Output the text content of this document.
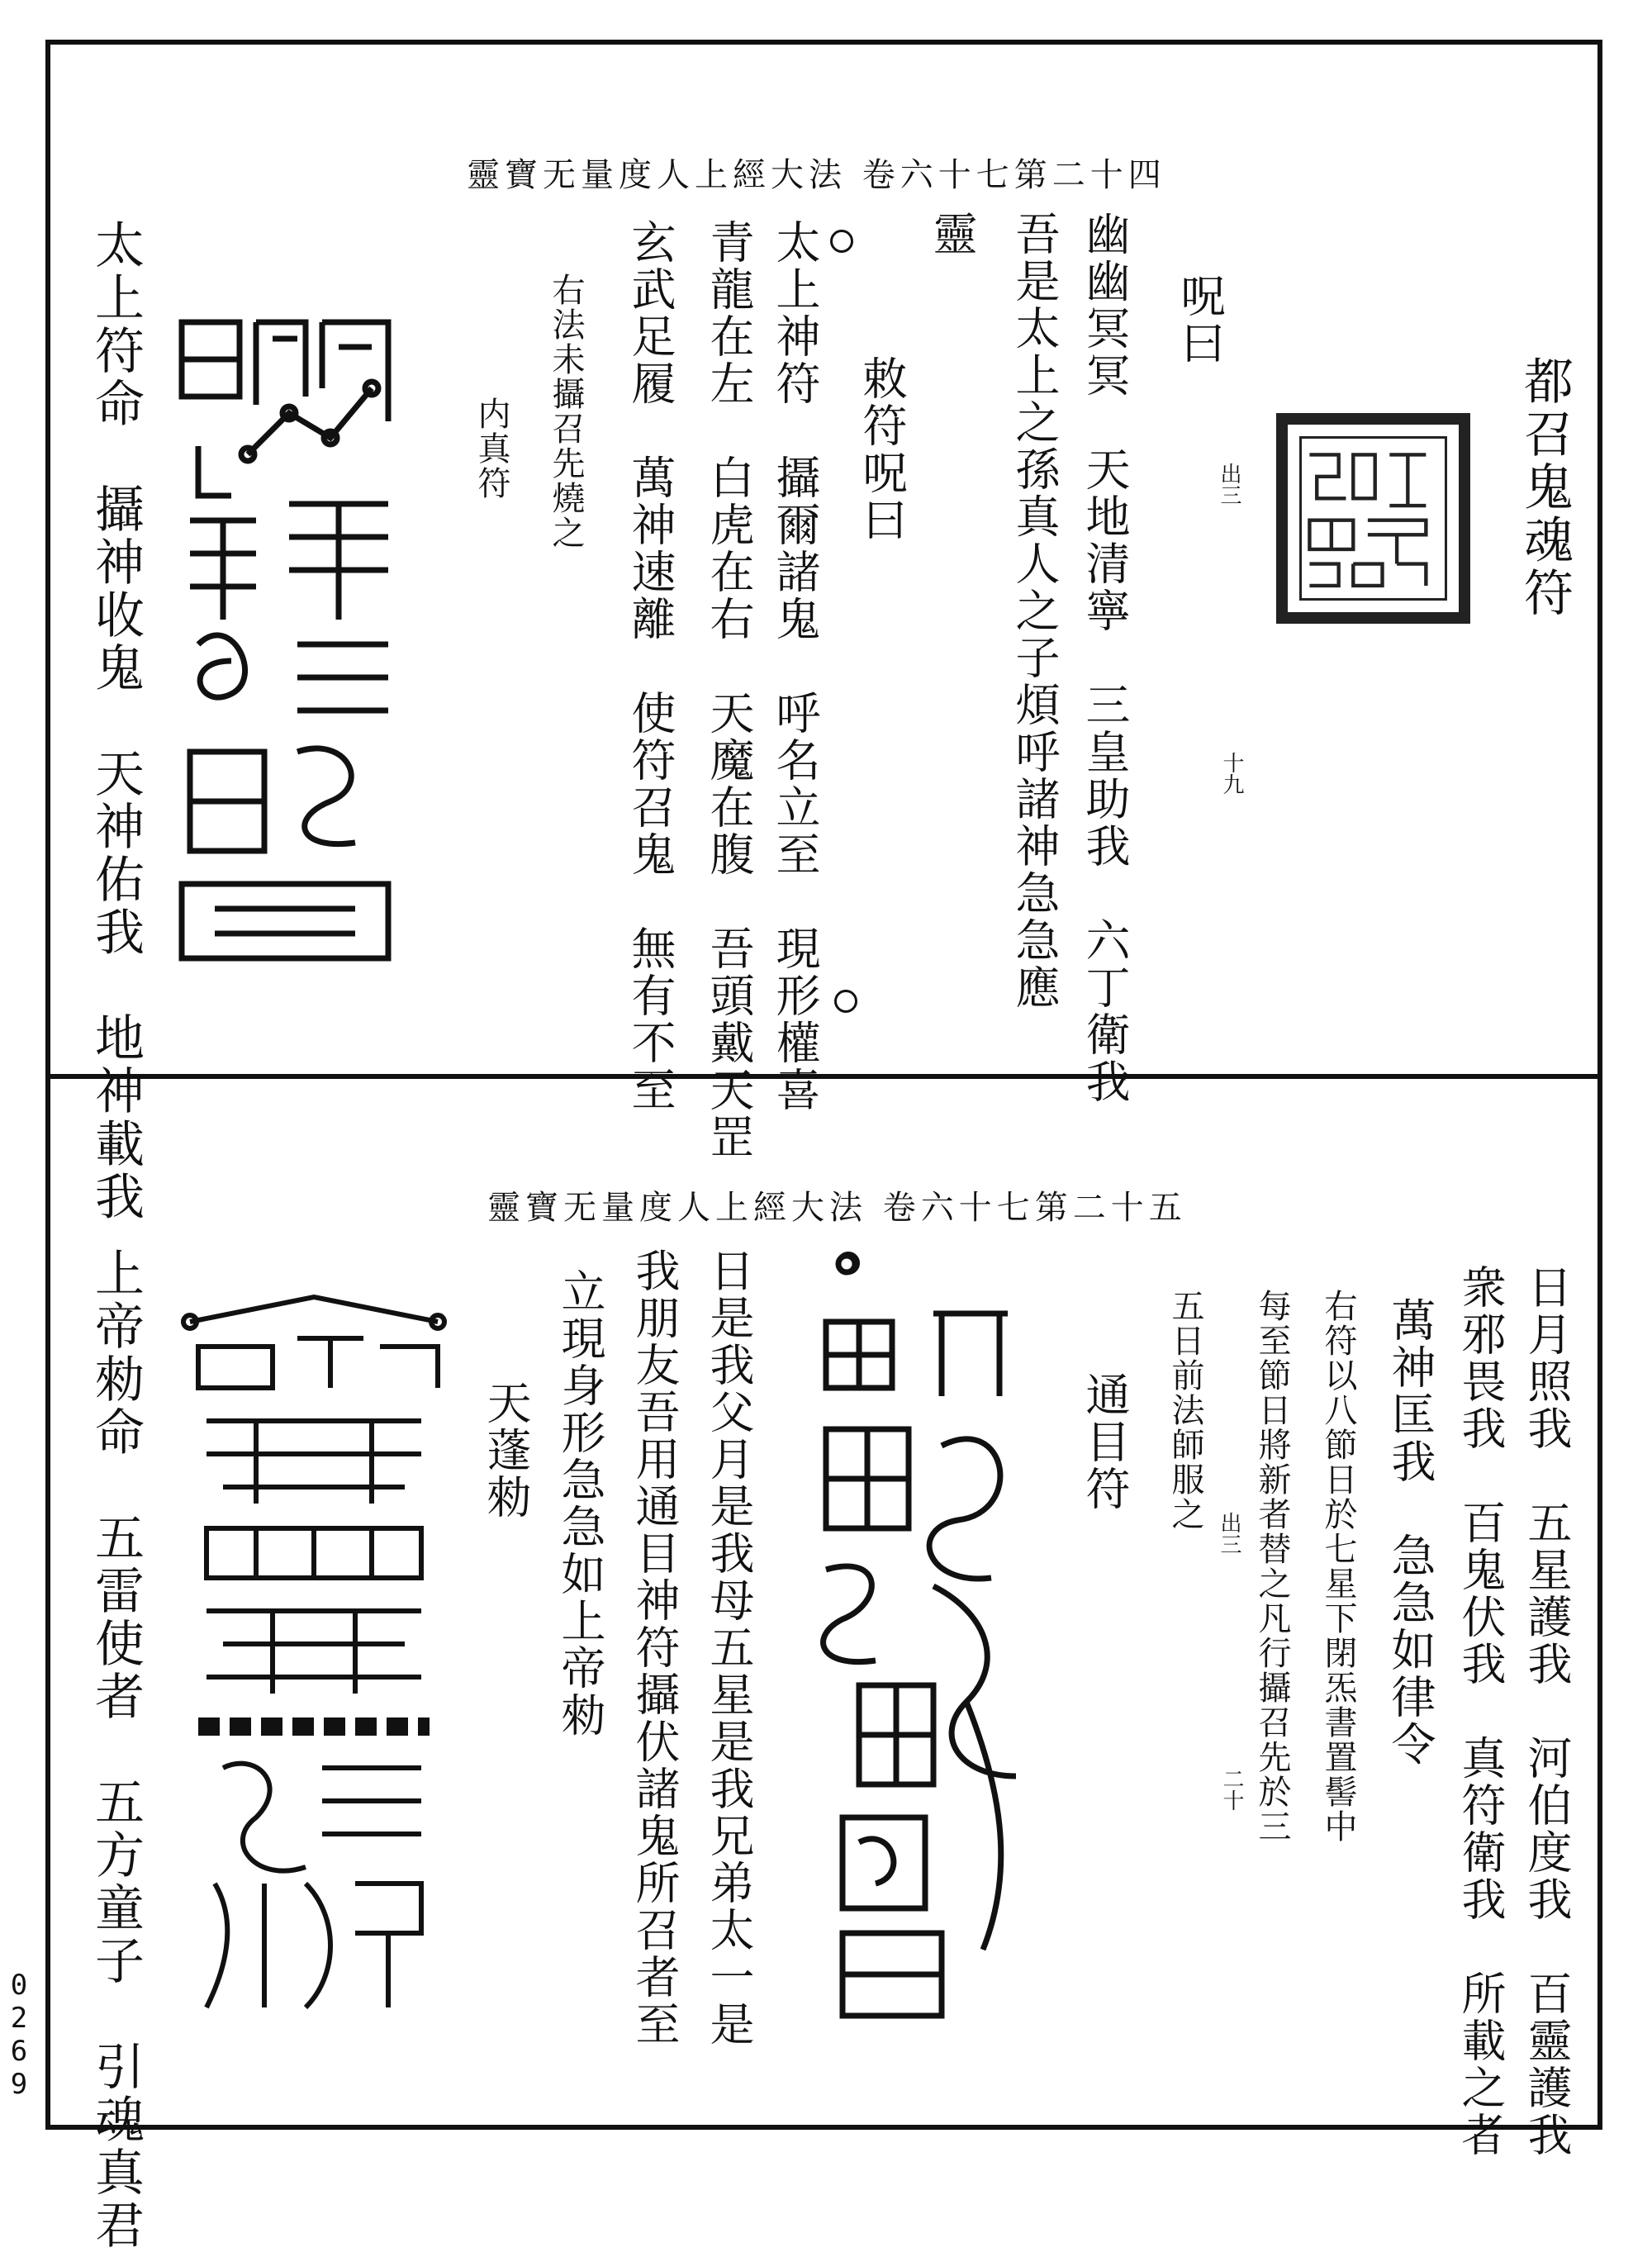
靈寶无量度人上經大法 卷六十七第二十四
都召鬼魂符
呪曰
出三
十九
幽幽冥冥　天地清寧　三皇助我　六丁衛我
吾是太上之孫真人之子煩呼諸神急急應
靈
敕符呪曰
太上神符　攝爾諸鬼　呼名立至　現形權喜
青龍在左　白虎在右　天魔在腹　吾頭戴天罡
玄武足履　萬神速離　使符召鬼　無有不至
右法未攝召先燒之
内真符
太上符命　攝神收鬼　天神佑我　地神載我	靈寶无量度人上經大法 卷六十七第二十五
日月照我　五星護我　河伯度我　百靈護我
衆邪畏我　百鬼伏我　真符衛我　所載之者
萬神匡我　急急如律令
右符以八節日於七星下閉炁書置髻中
每至節日將新者替之凡行攝召先於三
五日前法師服之
出三
二十
通目符
日是我父月是我母五星是我兄弟太一是
我朋友吾用通目神符攝伏諸鬼所召者至
立現身形急急如上帝勑
天蓬勑
上帝勑命　五雷使者　五方童子　引魂真君
0269
